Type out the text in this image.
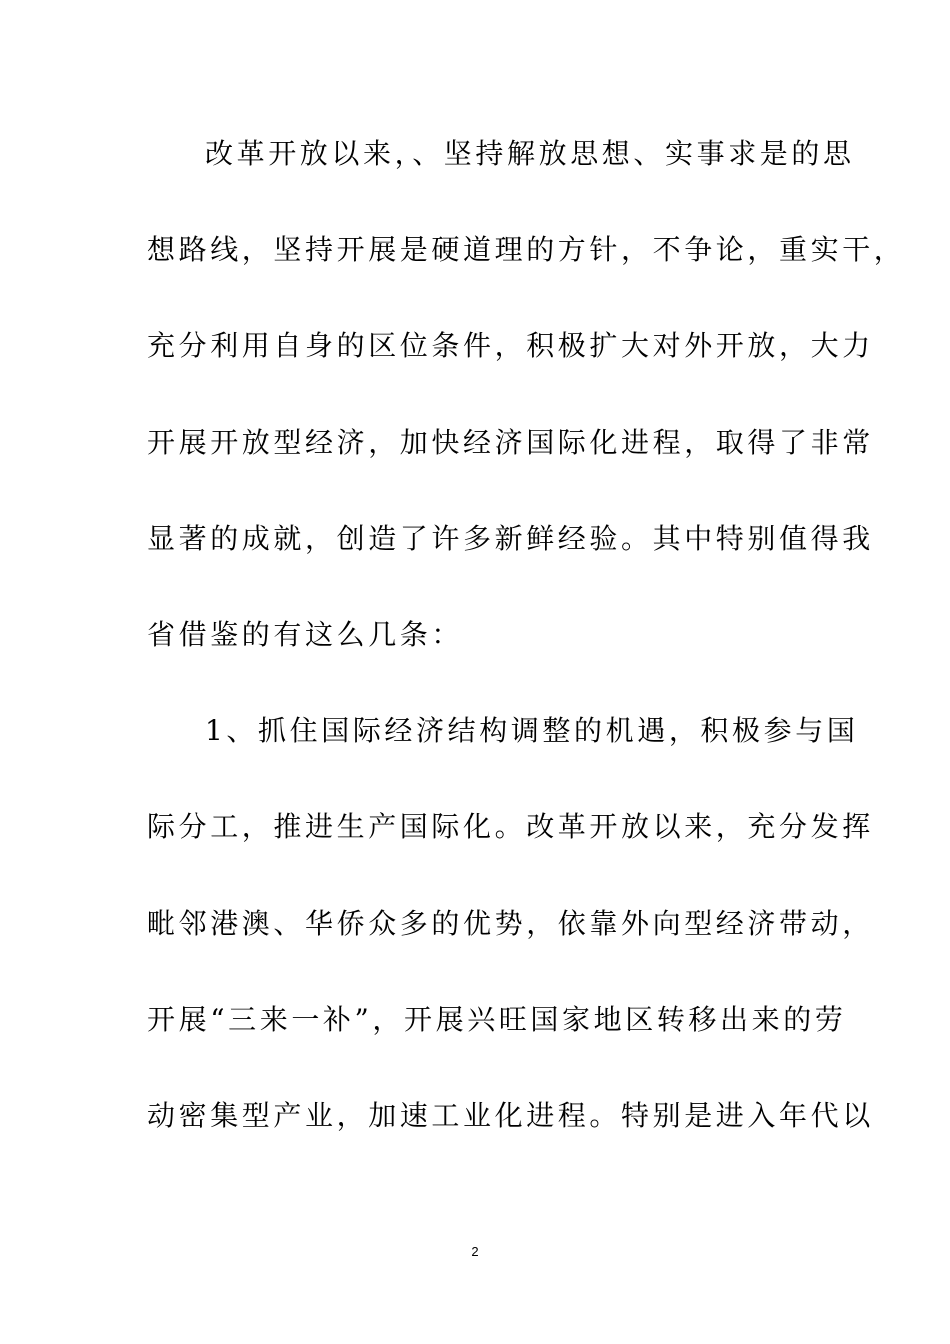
改革开放以来，、坚持解放思想、实事求是的思
想路线，坚持开展是硬道理的方针，不争论，重实干，
充分利用自身的区位条件，积极扩大对外开放，大力
开展开放型经济，加快经济国际化进程，取得了非常
显著的成就，创造了许多新鲜经验。其中特别值得我
省借鉴的有这么几条：
1、抓住国际经济结构调整的机遇，积极参与国
际分工，推进生产国际化。改革开放以来，充分发挥
毗邻港澳、华侨众多的优势，依靠外向型经济带动，
开展“三来一补”，开展兴旺国家地区转移出来的劳
动密集型产业，加速工业化进程。特别是进入年代以
2
